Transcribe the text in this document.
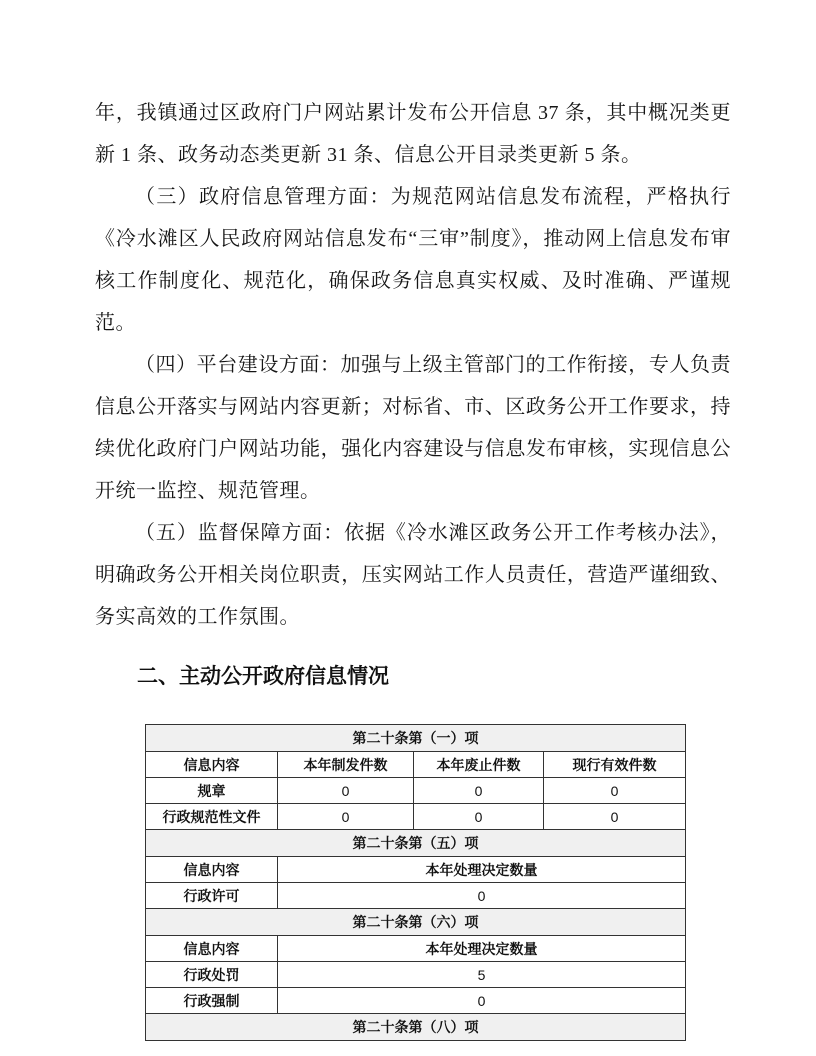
年，我镇通过区政府门户网站累计发布公开信息 37 条，其中概况类更新 1 条、政务动态类更新 31 条、信息公开目录类更新 5 条。

（三）政府信息管理方面：为规范网站信息发布流程，严格执行《冷水滩区人民政府网站信息发布“三审”制度》，推动网上信息发布审核工作制度化、规范化，确保政务信息真实权威、及时准确、严谨规范。

（四）平台建设方面：加强与上级主管部门的工作衔接，专人负责信息公开落实与网站内容更新；对标省、市、区政务公开工作要求，持续优化政府门户网站功能，强化内容建设与信息发布审核，实现信息公开统一监控、规范管理。

（五）监督保障方面：依据《冷水滩区政务公开工作考核办法》，明确政务公开相关岗位职责，压实网站工作人员责任，营造严谨细致、务实高效的工作氛围。

二、主动公开政府信息情况
第二十条第（一）项			
信息内容	本年制发件数	本年废止件数	现行有效件数
规章	0	0	0
行政规范性文件	0	0	0
第二十条第（五）项			
信息内容	本年处理决定数量		
行政许可	0		
第二十条第（六）项			
信息内容	本年处理决定数量		
行政处罚	5		
行政强制	0		
第二十条第（八）项			
